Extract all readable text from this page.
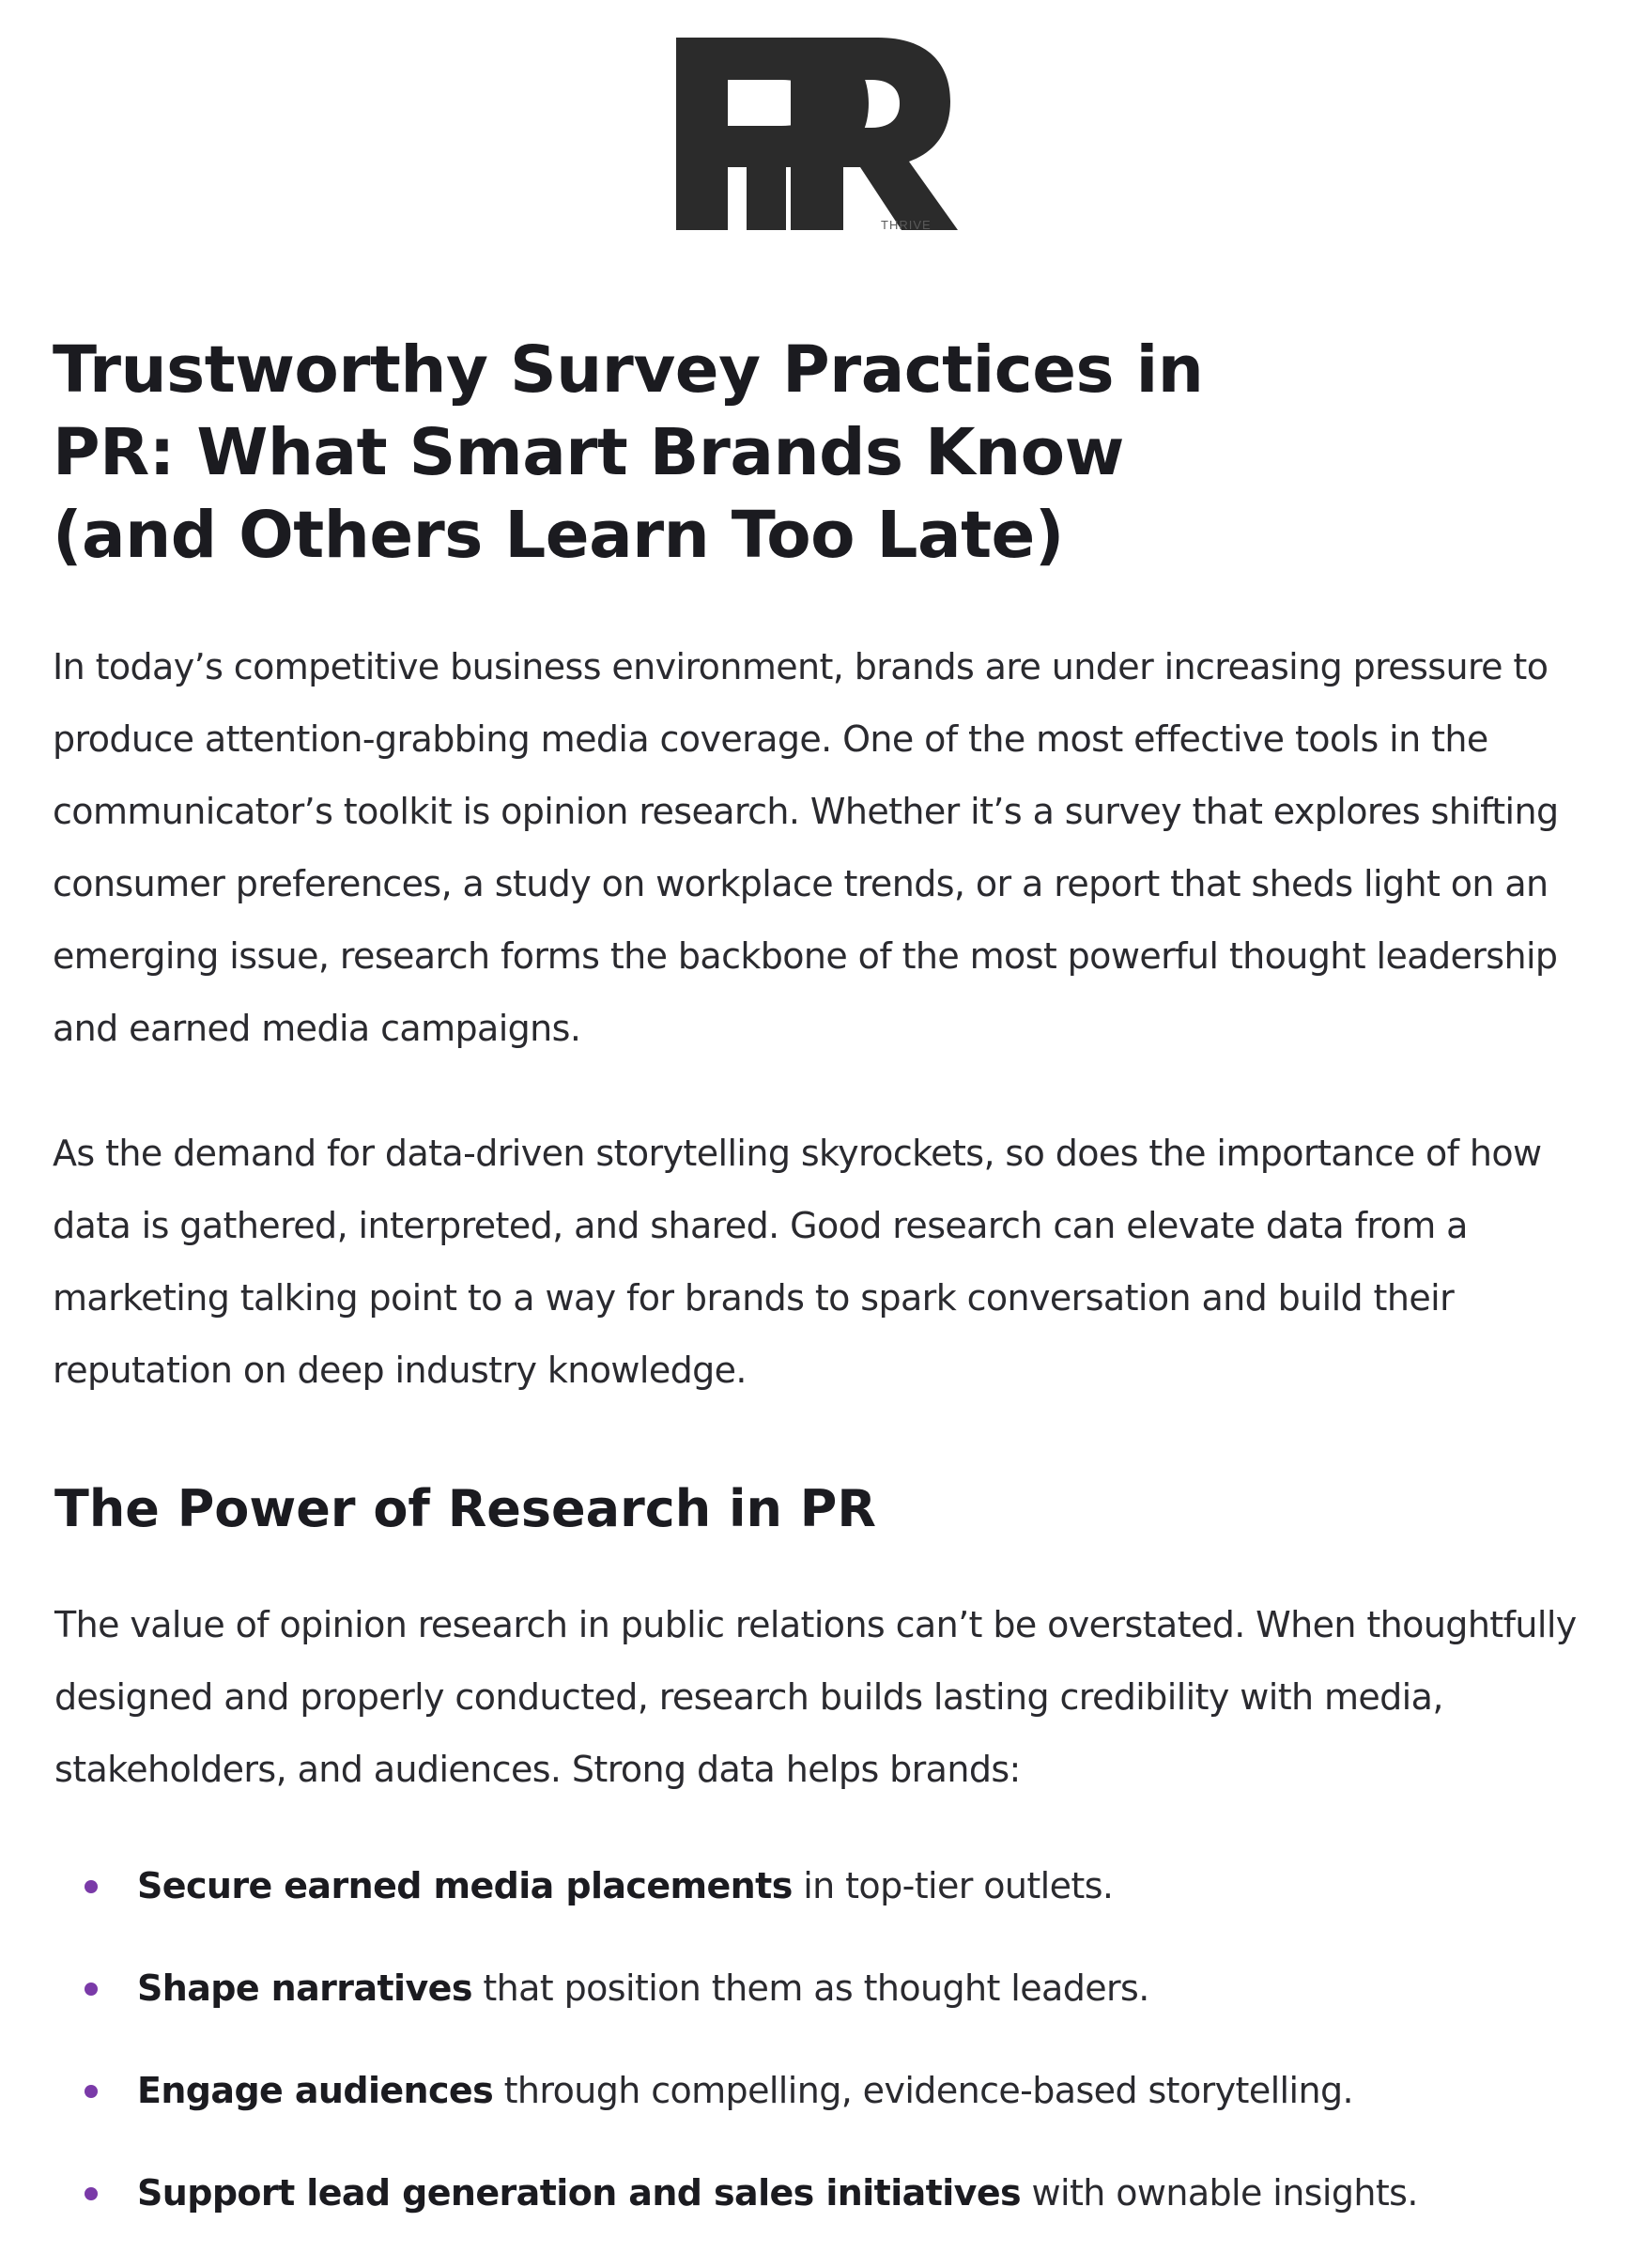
THRIVE
Trustworthy Survey Practices in PR: What Smart Brands Know (and Others Learn Too Late)

In today’s competitive business environment, brands are under increasing pressure to produce attention-grabbing media coverage. One of the most effective tools in the communicator’s toolkit is opinion research. Whether it’s a survey that explores shifting consumer preferences, a study on workplace trends, or a report that sheds light on an emerging issue, research forms the backbone of the most powerful thought leadership and earned media campaigns.

As the demand for data-driven storytelling skyrockets, so does the importance of how data is gathered, interpreted, and shared. Good research can elevate data from a marketing talking point to a way for brands to spark conversation and build their reputation on deep industry knowledge.

The Power of Research in PR

The value of opinion research in public relations can’t be overstated. When thoughtfully designed and properly conducted, research builds lasting credibility with media, stakeholders, and audiences. Strong data helps brands:

Secure earned media placements in top-tier outlets.
Shape narratives that position them as thought leaders.
Engage audiences through compelling, evidence-based storytelling.
Support lead generation and sales initiatives with ownable insights.
